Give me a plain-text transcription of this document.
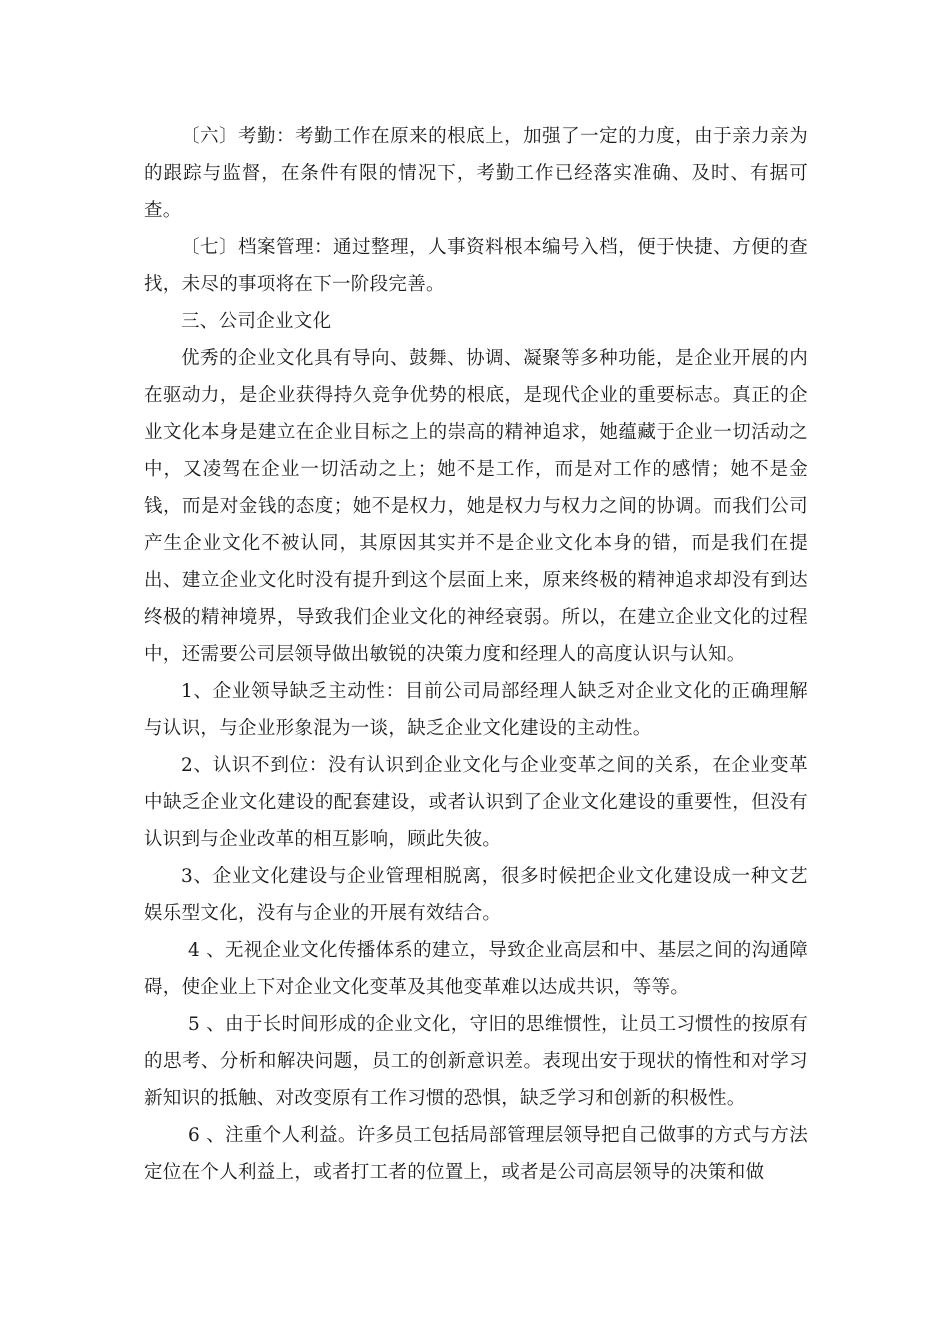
〔六〕考勤：考勤工作在原来的根底上，加强了一定的力度，由于亲力亲为的跟踪与监督，在条件有限的情况下，考勤工作已经落实准确、及时、有据可查。

〔七〕档案管理：通过整理，人事资料根本编号入档，便于快捷、方便的查找，未尽的事项将在下一阶段完善。

三、公司企业文化

优秀的企业文化具有导向、鼓舞、协调、凝聚等多种功能，是企业开展的内在驱动力，是企业获得持久竞争优势的根底，是现代企业的重要标志。真正的企业文化本身是建立在企业目标之上的崇高的精神追求，她蕴藏于企业一切活动之中，又凌驾在企业一切活动之上；她不是工作，而是对工作的感情；她不是金钱，而是对金钱的态度；她不是权力，她是权力与权力之间的协调。而我们公司产生企业文化不被认同，其原因其实并不是企业文化本身的错，而是我们在提出、建立企业文化时没有提升到这个层面上来，原来终极的精神追求却没有到达终极的精神境界，导致我们企业文化的神经衰弱。所以，在建立企业文化的过程中，还需要公司层领导做出敏锐的决策力度和经理人的高度认识与认知。

1、企业领导缺乏主动性：目前公司局部经理人缺乏对企业文化的正确理解与认识，与企业形象混为一谈，缺乏企业文化建设的主动性。

2、认识不到位：没有认识到企业文化与企业变革之间的关系，在企业变革中缺乏企业文化建设的配套建设，或者认识到了企业文化建设的重要性，但没有认识到与企业改革的相互影响，顾此失彼。

3、企业文化建设与企业管理相脱离，很多时候把企业文化建设成一种文艺娱乐型文化，没有与企业的开展有效结合。

4 、无视企业文化传播体系的建立，导致企业高层和中、基层之间的沟通障碍，使企业上下对企业文化变革及其他变革难以达成共识，等等。

5 、由于长时间形成的企业文化，守旧的思维惯性，让员工习惯性的按原有的思考、分析和解决问题，员工的创新意识差。表现出安于现状的惰性和对学习新知识的抵触、对改变原有工作习惯的恐惧，缺乏学习和创新的积极性。

6 、注重个人利益。许多员工包括局部管理层领导把自己做事的方式与方法定位在个人利益上，或者打工者的位置上，或者是公司高层领导的决策和做
